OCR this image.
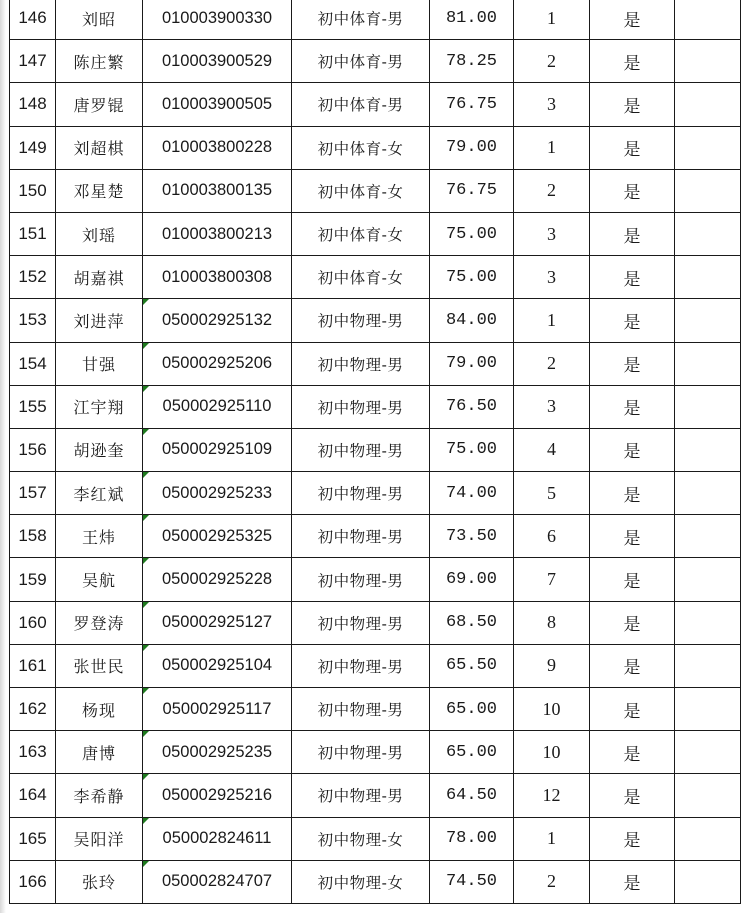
146	刘昭	010003900330	初中体育-男	81.00	1	是	
147	陈庄繁	010003900529	初中体育-男	78.25	2	是	
148	唐罗锟	010003900505	初中体育-男	76.75	3	是	
149	刘超棋	010003800228	初中体育-女	79.00	1	是	
150	邓星楚	010003800135	初中体育-女	76.75	2	是	
151	刘瑶	010003800213	初中体育-女	75.00	3	是	
152	胡嘉祺	010003800308	初中体育-女	75.00	3	是	
153	刘进萍	050002925132	初中物理-男	84.00	1	是	
154	甘强	050002925206	初中物理-男	79.00	2	是	
155	江宇翔	050002925110	初中物理-男	76.50	3	是	
156	胡逊奎	050002925109	初中物理-男	75.00	4	是	
157	李红斌	050002925233	初中物理-男	74.00	5	是	
158	王炜	050002925325	初中物理-男	73.50	6	是	
159	吴航	050002925228	初中物理-男	69.00	7	是	
160	罗登涛	050002925127	初中物理-男	68.50	8	是	
161	张世民	050002925104	初中物理-男	65.50	9	是	
162	杨现	050002925117	初中物理-男	65.00	10	是	
163	唐博	050002925235	初中物理-男	65.00	10	是	
164	李希静	050002925216	初中物理-男	64.50	12	是	
165	吴阳洋	050002824611	初中物理-女	78.00	1	是	
166	张玲	050002824707	初中物理-女	74.50	2	是	
